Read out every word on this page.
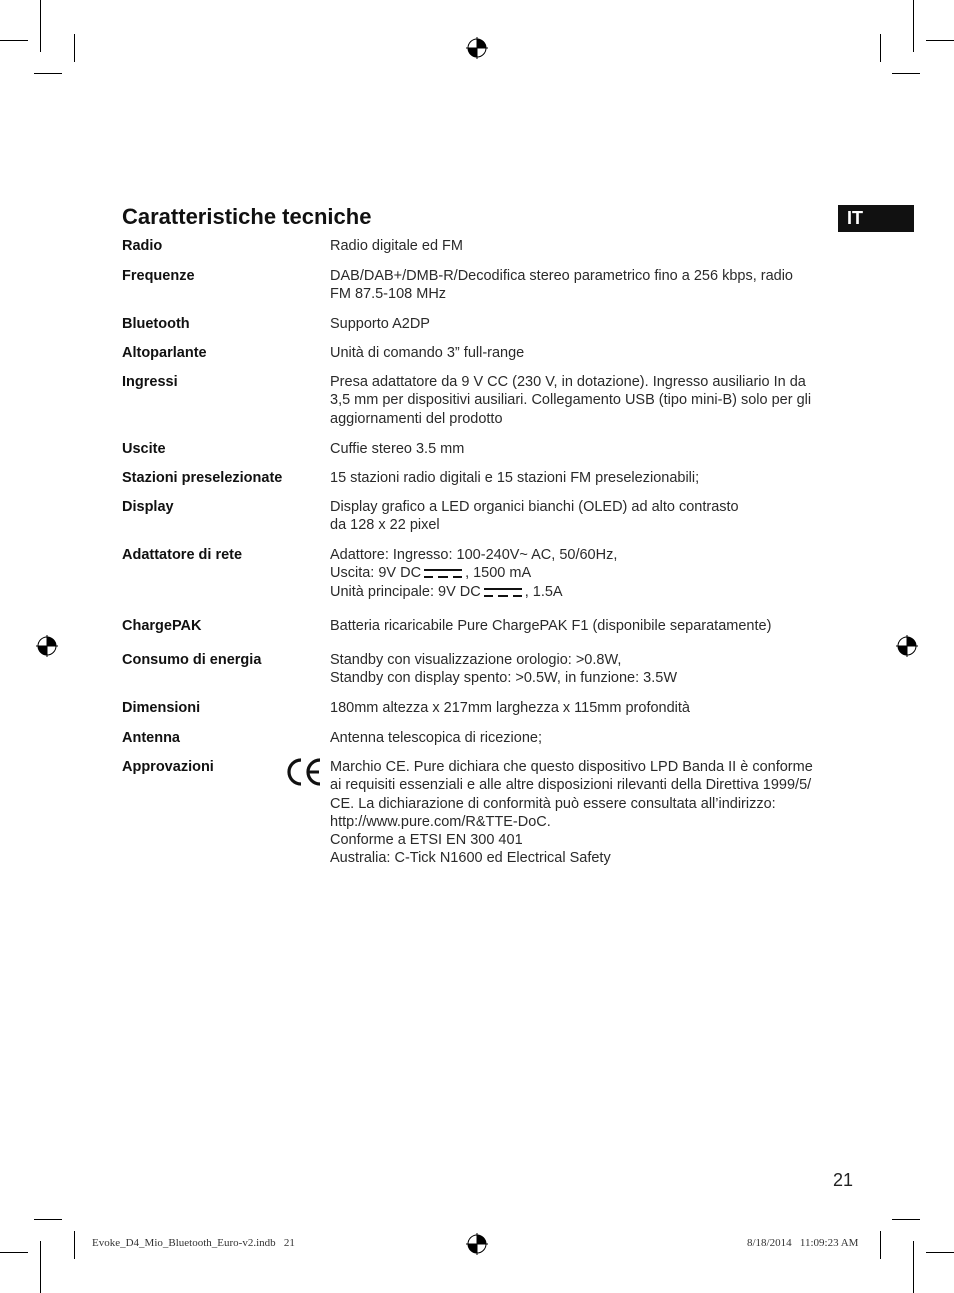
Caratteristiche tecniche	IT
Radio	Radio digitale ed FM
Frequenze	DAB/DAB+/DMB-R/Decodifica stereo parametrico fino a 256 kbps, radio
FM 87.5-108 MHz
Bluetooth	Supporto A2DP
Altoparlante	Unità di comando 3” full-range
Ingressi	Presa adattatore da 9 V CC (230 V, in dotazione). Ingresso ausiliario In da
3,5 mm per dispositivi ausiliari. Collegamento USB (tipo mini-B) solo per gli
aggiornamenti del prodotto
Uscite	Cuffie stereo 3.5 mm
Stazioni preselezionate	15 stazioni radio digitali e 15 stazioni FM preselezionabili;
Display	Display grafico a LED organici bianchi (OLED) ad alto contrasto
da 128 x 22 pixel
Adattatore di rete	Adattore: Ingresso: 100-240V~ AC, 50/60Hz,
Uscita: 9V DC	, 1500 mA
Unità principale: 9V DC	, 1.5A
ChargePAK	Batteria ricaricabile Pure ChargePAK F1 (disponibile separatamente)
Consumo di energia	Standby con visualizzazione orologio: >0.8W,
Standby con display spento: >0.5W, in funzione: 3.5W
Dimensioni	180mm altezza x 217mm larghezza x 115mm profondità
Antenna	Antenna telescopica di ricezione;
Approvazioni	Marchio CE. Pure dichiara che questo dispositivo LPD Banda II è conforme
ai requisiti essenziali e alle altre disposizioni rilevanti della Direttiva 1999/5/
CE. La dichiarazione di conformità può essere consultata all’indirizzo:
http://www.pure.com/R&TTE-DoC.
Conforme a ETSI EN 300 401
Australia: C-Tick N1600 ed Electrical Safety
21
Evoke_D4_Mio_Bluetooth_Euro-v2.indb   21	8/18/2014   11:09:23 AM
